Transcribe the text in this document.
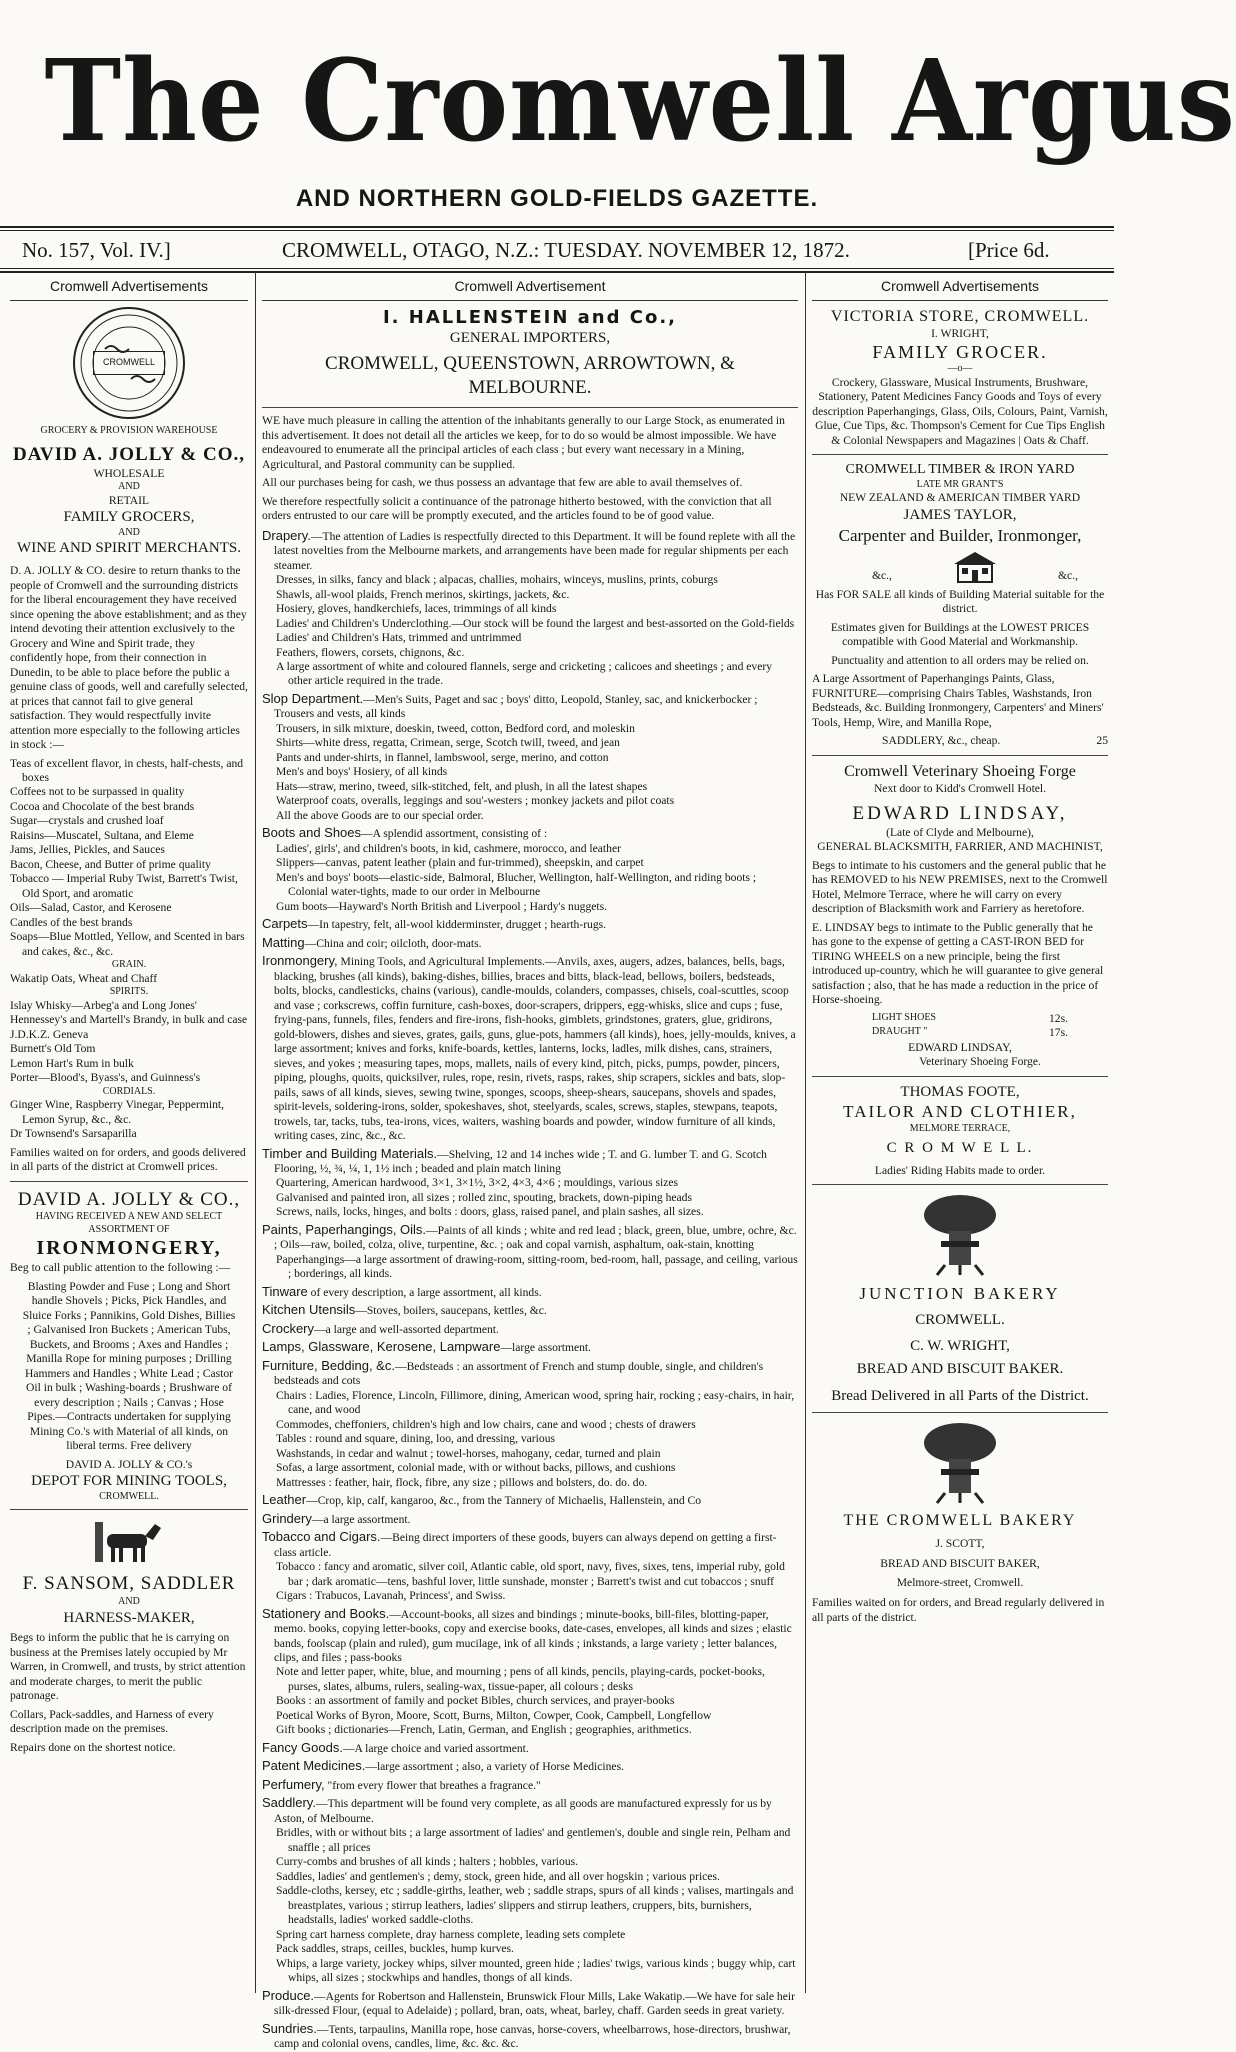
The Cromwell Argus
AND NORTHERN GOLD-FIELDS GAZETTE.
No. 157, Vol. IV.]	CROMWELL, OTAGO, N.Z.: TUESDAY. NOVEMBER 12, 1872.	[Price 6d.
Cromwell Advertisements
CROMWELL
GROCERY & PROVISION WAREHOUSE
DAVID A. JOLLY & CO.,
WHOLESALE
AND
RETAIL
FAMILY GROCERS,
AND
WINE AND SPIRIT MERCHANTS.

D. A. JOLLY & CO. desire to return thanks to the people of Cromwell and the surrounding districts for the liberal encouragement they have received since opening the above establishment; and as they intend devoting their attention exclusively to the Grocery and Wine and Spirit trade, they confidently hope, from their connection in Dunedin, to be able to place before the public a genuine class of goods, well and carefully selected, at prices that cannot fail to give general satisfaction. They would respectfully invite attention more especially to the following articles in stock :—

Teas of excellent flavor, in chests, half-chests, and boxes
Coffees not to be surpassed in quality
Cocoa and Chocolate of the best brands
Sugar—crystals and crushed loaf
Raisins—Muscatel, Sultana, and Eleme
Jams, Jellies, Pickles, and Sauces
Bacon, Cheese, and Butter of prime quality
Tobacco — Imperial Ruby Twist, Barrett's Twist, Old Sport, and aromatic
Oils—Salad, Castor, and Kerosene
Candles of the best brands
Soaps—Blue Mottled, Yellow, and Scented in bars and cakes, &c., &c.
GRAIN.
Wakatip Oats, Wheat and Chaff
SPIRITS.
Islay Whisky—Arbeg'a and Long Jones'
Hennessey's and Martell's Brandy, in bulk and case
J.D.K.Z. Geneva
Burnett's Old Tom
Lemon Hart's Rum in bulk
Porter—Blood's, Byass's, and Guinness's
CORDIALS.
Ginger Wine, Raspberry Vinegar, Peppermint, Lemon Syrup, &c., &c.
Dr Townsend's Sarsaparilla

Families waited on for orders, and goods delivered in all parts of the district at Cromwell prices.

DAVID A. JOLLY & CO.,
HAVING RECEIVED A NEW AND SELECT ASSORTMENT OF
IRONMONGERY,

Beg to call public attention to the following :—

Blasting Powder and Fuse ; Long and Short handle Shovels ; Picks, Pick Handles, and Sluice Forks ; Pannikins, Gold Dishes, Billies ; Galvanised Iron Buckets ; American Tubs, Buckets, and Brooms ; Axes and Handles ; Manilla Rope for mining purposes ; Drilling Hammers and Handles ; White Lead ; Castor Oil in bulk ; Washing-boards ; Brushware of every description ; Nails ; Canvas ; Hose Pipes.—Contracts undertaken for supplying Mining Co.'s with Material of all kinds, on liberal terms. Free delivery

DAVID A. JOLLY & CO.'s
DEPOT FOR MINING TOOLS,
CROMWELL.
F. SANSOM, SADDLER
AND
HARNESS-MAKER,

Begs to inform the public that he is carrying on business at the Premises lately occupied by Mr Warren, in Cromwell, and trusts, by strict attention and moderate charges, to merit the public patronage.

Collars, Pack-saddles, and Harness of every description made on the premises.

Repairs done on the shortest notice.

Cromwell Advertisement
I. HALLENSTEIN and Co.,
GENERAL IMPORTERS,
CROMWELL, QUEENSTOWN, ARROWTOWN, & MELBOURNE.

WE have much pleasure in calling the attention of the inhabitants generally to our Large Stock, as enumerated in this advertisement. It does not detail all the articles we keep, for to do so would be almost impossible. We have endeavoured to enumerate all the principal articles of each class ; but every want necessary in a Mining, Agricultural, and Pastoral community can be supplied.

All our purchases being for cash, we thus possess an advantage that few are able to avail themselves of.

We therefore respectfully solicit a continuance of the patronage hitherto bestowed, with the conviction that all orders entrusted to our care will be promptly executed, and the articles found to be of good value.

Drapery.—The attention of Ladies is respectfully directed to this Department. It will be found replete with all the latest novelties from the Melbourne markets, and arrangements have been made for regular shipments per each steamer.
Dresses, in silks, fancy and black ; alpacas, challies, mohairs, winceys, muslins, prints, coburgs
Shawls, all-wool plaids, French merinos, skirtings, jackets, &c.
Hosiery, gloves, handkerchiefs, laces, trimmings of all kinds
Ladies' and Children's Underclothing.—Our stock will be found the largest and best-assorted on the Gold-fields
Ladies' and Children's Hats, trimmed and untrimmed
Feathers, flowers, corsets, chignons, &c.
A large assortment of white and coloured flannels, serge and cricketing ; calicoes and sheetings ; and every other article required in the trade.
Slop Department.—Men's Suits, Paget and sac ; boys' ditto, Leopold, Stanley, sac, and knickerbocker ; Trousers and vests, all kinds
Trousers, in silk mixture, doeskin, tweed, cotton, Bedford cord, and moleskin
Shirts—white dress, regatta, Crimean, serge, Scotch twill, tweed, and jean
Pants and under-shirts, in flannel, lambswool, serge, merino, and cotton
Men's and boys' Hosiery, of all kinds
Hats—straw, merino, tweed, silk-stitched, felt, and plush, in all the latest shapes
Waterproof coats, overalls, leggings and sou'-westers ; monkey jackets and pilot coats
All the above Goods are to our special order.
Boots and Shoes—A splendid assortment, consisting of :
Ladies', girls', and children's boots, in kid, cashmere, morocco, and leather
Slippers—canvas, patent leather (plain and fur-trimmed), sheepskin, and carpet
Men's and boys' boots—elastic-side, Balmoral, Blucher, Wellington, half-Wellington, and riding boots ; Colonial water-tights, made to our order in Melbourne
Gum boots—Hayward's North British and Liverpool ; Hardy's nuggets.
Carpets—In tapestry, felt, all-wool kidderminster, drugget ; hearth-rugs.
Matting—China and coir; oilcloth, door-mats.
Ironmongery, Mining Tools, and Agricultural Implements.—Anvils, axes, augers, adzes, balances, bells, bags, blacking, brushes (all kinds), baking-dishes, billies, braces and bitts, black-lead, bellows, boilers, bedsteads, bolts, blocks, candlesticks, chains (various), candle-moulds, colanders, compasses, chisels, coal-scuttles, scoop and vase ; corkscrews, coffin furniture, cash-boxes, door-scrapers, drippers, egg-whisks, slice and cups ; fuse, frying-pans, funnels, files, fenders and fire-irons, fish-hooks, gimblets, grindstones, graters, glue, gridirons, gold-blowers, dishes and sieves, grates, gails, guns, glue-pots, hammers (all kinds), hoes, jelly-moulds, knives, a large assortment; knives and forks, knife-boards, kettles, lanterns, locks, ladles, milk dishes, cans, strainers, sieves, and yokes ; measuring tapes, mops, mallets, nails of every kind, pitch, picks, pumps, powder, pincers, piping, ploughs, quoits, quicksilver, rules, rope, resin, rivets, rasps, rakes, ship scrapers, sickles and bats, slop-pails, saws of all kinds, sieves, sewing twine, sponges, scoops, sheep-shears, saucepans, shovels and spades, spirit-levels, soldering-irons, solder, spokeshaves, shot, steelyards, scales, screws, staples, stewpans, teapots, trowels, tar, tacks, tubs, tea-irons, vices, waiters, washing boards and powder, window furniture of all kinds, writing cases, zinc, &c., &c.
Timber and Building Materials.—Shelving, 12 and 14 inches wide ; T. and G. lumber T. and G. Scotch Flooring, ½, ¾, ¼, 1, 1½ inch ; beaded and plain match lining
Quartering, American hardwood, 3×1, 3×1½, 3×2, 4×3, 4×6 ; mouldings, various sizes
Galvanised and painted iron, all sizes ; rolled zinc, spouting, brackets, down-piping heads
Screws, nails, locks, hinges, and bolts : doors, glass, raised panel, and plain sashes, all sizes.
Paints, Paperhangings, Oils.—Paints of all kinds ; white and red lead ; black, green, blue, umbre, ochre, &c. ; Oils—raw, boiled, colza, olive, turpentine, &c. ; oak and copal varnish, asphaltum, oak-stain, knotting
Paperhangings—a large assortment of drawing-room, sitting-room, bed-room, hall, passage, and ceiling, various ; borderings, all kinds.
Tinware of every description, a large assortment, all kinds.
Kitchen Utensils—Stoves, boilers, saucepans, kettles, &c.
Crockery—a large and well-assorted department.
Lamps, Glassware, Kerosene, Lampware—large assortment.
Furniture, Bedding, &c.—Bedsteads : an assortment of French and stump double, single, and children's bedsteads and cots
Chairs : Ladies, Florence, Lincoln, Fillimore, dining, American wood, spring hair, rocking ; easy-chairs, in hair, cane, and wood
Commodes, cheffoniers, children's high and low chairs, cane and wood ; chests of drawers
Tables : round and square, dining, loo, and dressing, various
Washstands, in cedar and walnut ; towel-horses, mahogany, cedar, turned and plain
Sofas, a large assortment, colonial made, with or without backs, pillows, and cushions
Mattresses : feather, hair, flock, fibre, any size ; pillows and bolsters, do. do. do.
Leather—Crop, kip, calf, kangaroo, &c., from the Tannery of Michaelis, Hallenstein, and Co
Grindery—a large assortment.
Tobacco and Cigars.—Being direct importers of these goods, buyers can always depend on getting a first-class article.
Tobacco : fancy and aromatic, silver coil, Atlantic cable, old sport, navy, fives, sixes, tens, imperial ruby, gold bar ; dark aromatic—tens, bashful lover, little sunshade, monster ; Barrett's twist and cut tobaccos ; snuff
Cigars : Trabucos, Lavanah, Princess', and Swiss.
Stationery and Books.—Account-books, all sizes and bindings ; minute-books, bill-files, blotting-paper, memo. books, copying letter-books, copy and exercise books, date-cases, envelopes, all kinds and sizes ; elastic bands, foolscap (plain and ruled), gum mucilage, ink of all kinds ; inkstands, a large variety ; letter balances, clips, and files ; pass-books
Note and letter paper, white, blue, and mourning ; pens of all kinds, pencils, playing-cards, pocket-books, purses, slates, albums, rulers, sealing-wax, tissue-paper, all colours ; desks
Books : an assortment of family and pocket Bibles, church services, and prayer-books
Poetical Works of Byron, Moore, Scott, Burns, Milton, Cowper, Cook, Campbell, Longfellow
Gift books ; dictionaries—French, Latin, German, and English ; geographies, arithmetics.
Fancy Goods.—A large choice and varied assortment.
Patent Medicines.—large assortment ; also, a variety of Horse Medicines.
Perfumery, "from every flower that breathes a fragrance."
Saddlery.—This department will be found very complete, as all goods are manufactured expressly for us by Aston, of Melbourne.
Bridles, with or without bits ; a large assortment of ladies' and gentlemen's, double and single rein, Pelham and snaffle ; all prices
Curry-combs and brushes of all kinds ; halters ; hobbles, various.
Saddles, ladies' and gentlemen's ; demy, stock, green hide, and all over hogskin ; various prices.
Saddle-cloths, kersey, etc ; saddle-girths, leather, web ; saddle straps, spurs of all kinds ; valises, martingals and breastplates, various ; stirrup leathers, ladies' slippers and stirrup leathers, cruppers, bits, burnishers, headstalls, ladies' worked saddle-cloths.
Spring cart harness complete, dray harness complete, leading sets complete
Pack saddles, straps, ceilles, buckles, hump kurves.
Whips, a large variety, jockey whips, silver mounted, green hide ; ladies' twigs, various kinds ; buggy whip, cart whips, all sizes ; stockwhips and handles, thongs of all kinds.
Produce.—Agents for Robertson and Hallenstein, Brunswick Flour Mills, Lake Wakatip.—We have for sale heir silk-dressed Flour, (equal to Adelaide) ; pollard, bran, oats, wheat, barley, chaff. Garden seeds in great variety.
Sundries.—Tents, tarpaulins, Manilla rope, hose canvas, horse-covers, wheelbarrows, hose-directors, brushwar, camp and colonial ovens, candles, lime, &c. &c. &c.
Cromwell Advertisements
VICTORIA STORE, CROMWELL.
I. WRIGHT,
FAMILY GROCER.
—o—

Crockery, Glassware, Musical Instruments, Brushware, Stationery, Patent Medicines Fancy Goods and Toys of every description Paperhangings, Glass, Oils, Colours, Paint, Varnish, Glue, Cue Tips, &c. Thompson's Cement for Cue Tips English & Colonial Newspapers and Magazines | Oats & Chaff.

CROMWELL TIMBER & IRON YARD
LATE MR GRANT'S
NEW ZEALAND & AMERICAN TIMBER YARD
JAMES TAYLOR,
Carpenter and Builder, Ironmonger,
&c.,	&c.,

Has FOR SALE all kinds of Building Material suitable for the district.

Estimates given for Buildings at the LOWEST PRICES compatible with Good Material and Workmanship.

Punctuality and attention to all orders may be relied on.

A Large Assortment of Paperhangings Paints, Glass, FURNITURE—comprising Chairs Tables, Washstands, Iron Bedsteads, &c. Building Ironmongery, Carpenters' and Miners' Tools, Hemp, Wire, and Manilla Rope,

SADDLERY, &c., cheap.	25
Cromwell Veterinary Shoeing Forge
Next door to Kidd's Cromwell Hotel.
EDWARD LINDSAY,
(Late of Clyde and Melbourne),
GENERAL BLACKSMITH, FARRIER, AND MACHINIST,

Begs to intimate to his customers and the general public that he has REMOVED to his NEW PREMISES, next to the Cromwell Hotel, Melmore Terrace, where he will carry on every description of Blacksmith work and Farriery as heretofore.

E. LINDSAY begs to intimate to the Public generally that he has gone to the expense of getting a CAST-IRON BED for TIRING WHEELS on a new principle, being the first introduced up-country, which he will guarantee to give general satisfaction ; also, that he has made a reduction in the price of Horse-shoeing.

LIGHT SHOES	12s.
DRAUGHT "	17s.
EDWARD LINDSAY,
Veterinary Shoeing Forge.
THOMAS FOOTE,
TAILOR AND CLOTHIER,
MELMORE TERRACE,
C R O M W E L L.
Ladies' Riding Habits made to order.
JUNCTION BAKERY
CROMWELL.
C. W. WRIGHT,
BREAD AND BISCUIT BAKER.
Bread Delivered in all Parts of the District.
THE CROMWELL BAKERY
J. SCOTT,
BREAD AND BISCUIT BAKER,
Melmore-street, Cromwell.

Families waited on for orders, and Bread regularly delivered in all parts of the district.
